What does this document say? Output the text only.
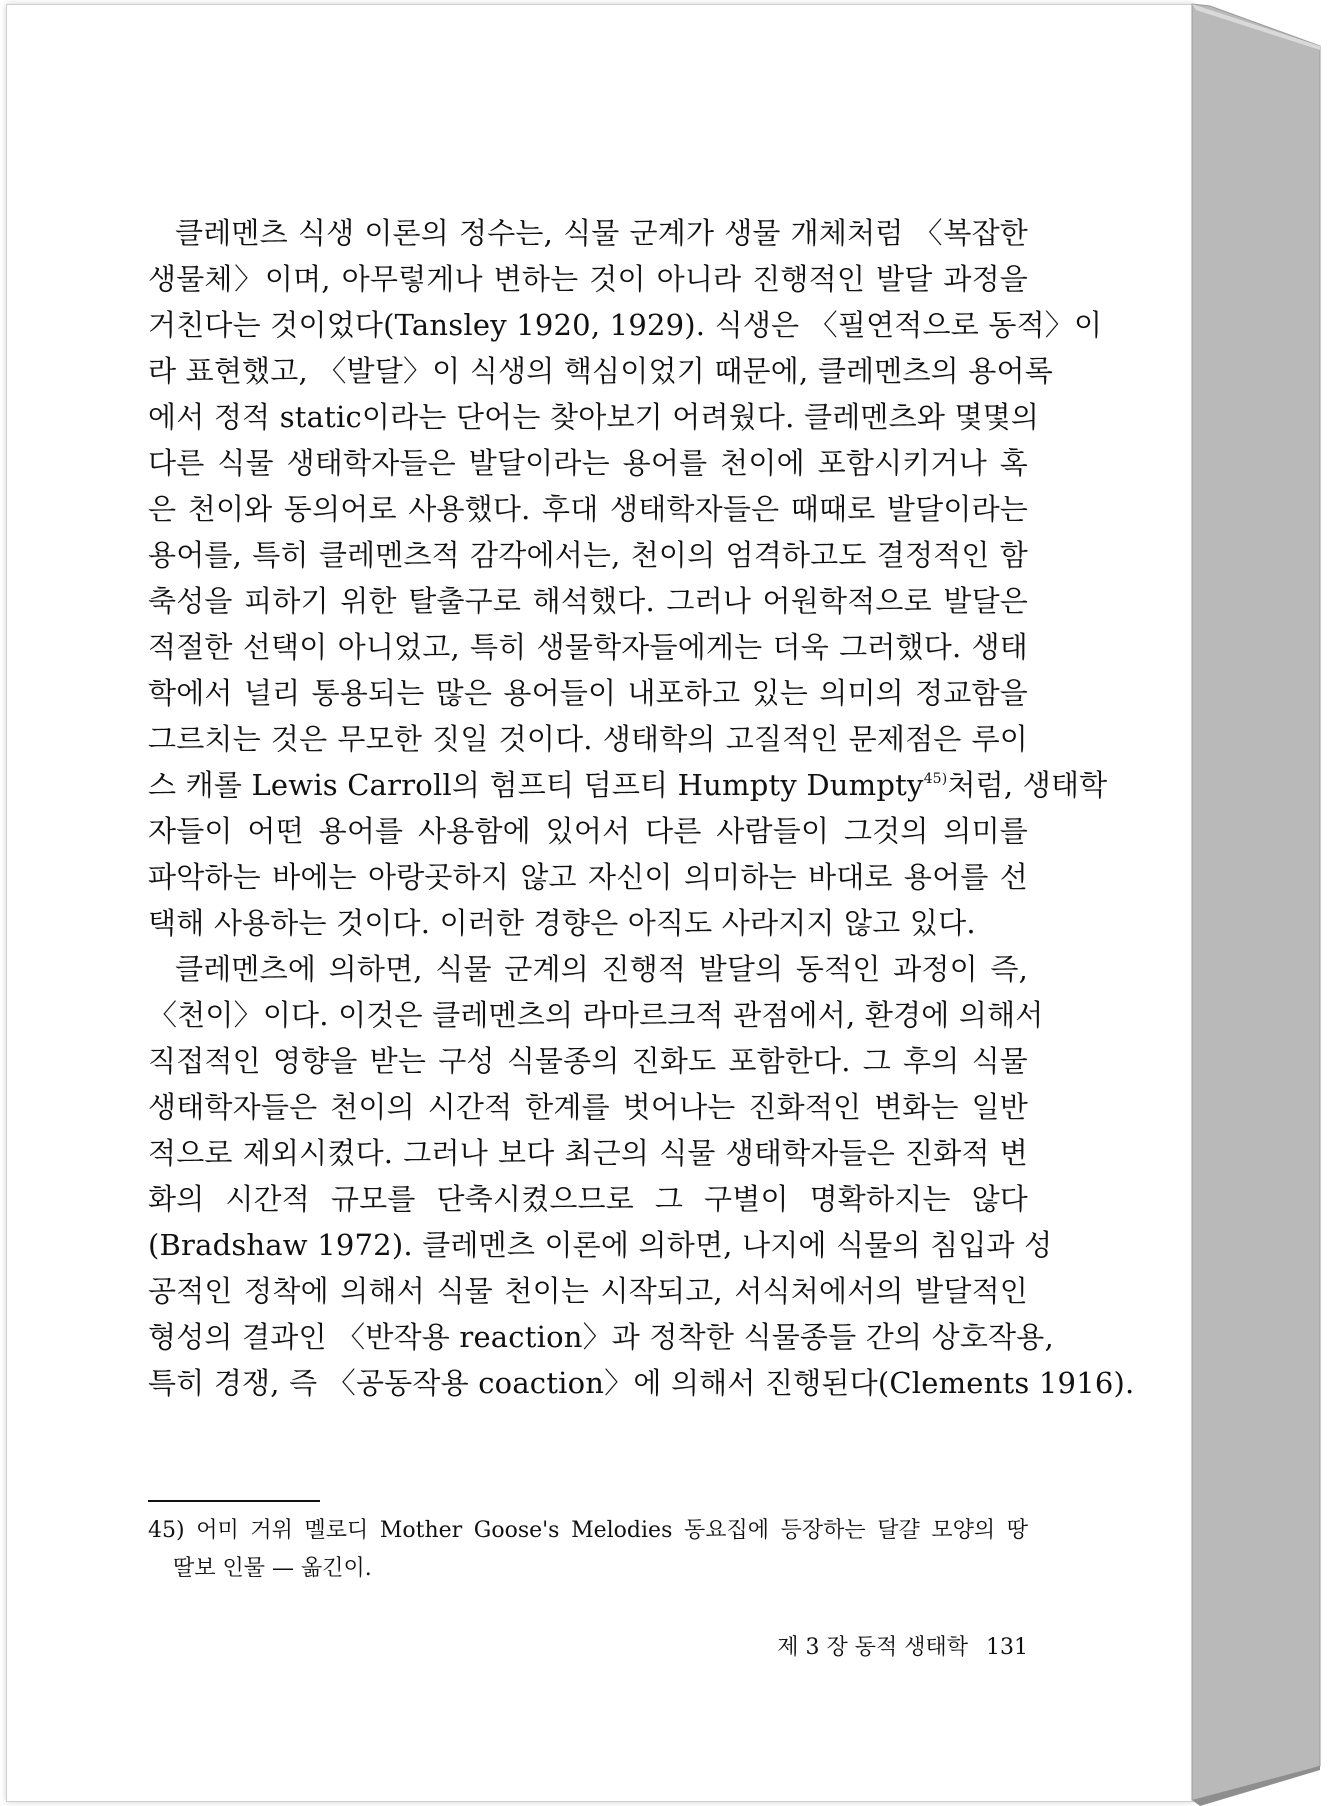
클레멘츠 식생 이론의 정수는, 식물 군계가 생물 개체처럼 〈복잡한
생물체〉이며, 아무렇게나 변하는 것이 아니라 진행적인 발달 과정을
거친다는 것이었다(Tansley 1920, 1929). 식생은 〈필연적으로 동적〉이
라 표현했고, 〈발달〉이 식생의 핵심이었기 때문에, 클레멘츠의 용어록
에서 정적 static이라는 단어는 찾아보기 어려웠다. 클레멘츠와 몇몇의
다른 식물 생태학자들은 발달이라는 용어를 천이에 포함시키거나 혹
은 천이와 동의어로 사용했다. 후대 생태학자들은 때때로 발달이라는
용어를, 특히 클레멘츠적 감각에서는, 천이의 엄격하고도 결정적인 함
축성을 피하기 위한 탈출구로 해석했다. 그러나 어원학적으로 발달은
적절한 선택이 아니었고, 특히 생물학자들에게는 더욱 그러했다. 생태
학에서 널리 통용되는 많은 용어들이 내포하고 있는 의미의 정교함을
그르치는 것은 무모한 짓일 것이다. 생태학의 고질적인 문제점은 루이
스 캐롤 Lewis Carroll의 험프티 덤프티 Humpty Dumpty$^{45)}$ 처럼, 생태학
자들이 어떤 용어를 사용함에 있어서 다른 사람들이 그것의 의미를
파악하는 바에는 아랑곳하지 않고 자신이 의미하는 바대로 용어를 선
택해 사용하는 것이다. 이러한 경향은 아직도 사라지지 않고 있다.
클레멘츠에 의하면, 식물 군계의 진행적 발달의 동적인 과정이 즉,
〈천이〉이다. 이것은 클레멘츠의 라마르크적 관점에서, 환경에 의해서
직접적인 영향을 받는 구성 식물종의 진화도 포함한다. 그 후의 식물
생태학자들은 천이의 시간적 한계를 벗어나는 진화적인 변화는 일반
적으로 제외시켰다. 그러나 보다 최근의 식물 생태학자들은 진화적 변
화의 시간적 규모를 단축시켰으므로 그 구별이 명확하지는 않다
(Bradshaw 1972). 클레멘츠 이론에 의하면, 나지에 식물의 침입과 성
공적인 정착에 의해서 식물 천이는 시작되고, 서식처에서의 발달적인
형성의 결과인 〈반작용 reaction〉과 정착한 식물종들 간의 상호작용,
특히 경쟁, 즉 〈공동작용 coaction〉에 의해서 진행된다(Clements 1916).
45) 어미 거위 멜로디 Mother Goose's Melodies 동요집에 등장하는 달걀 모양의 땅
딸보 인물 — 옮긴이.
제 3 장 동적 생태학 131
